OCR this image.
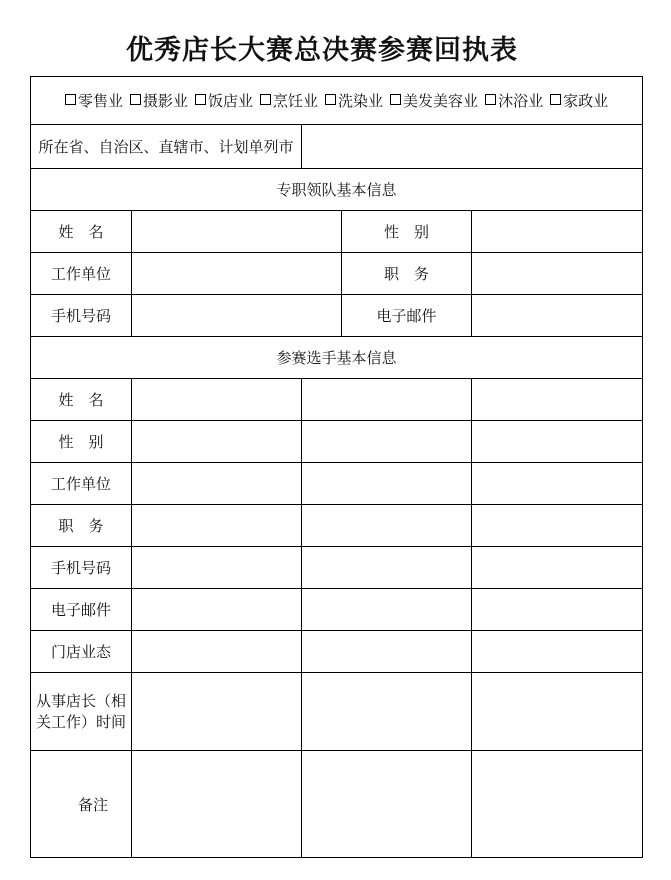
优秀店长大赛总决赛参赛回执表
零售业 摄影业 饭店业 烹饪业 洗染业 美发美容业 沐浴业 家政业				
所在省、自治区、直辖市、计划单列市				
专职领队基本信息				
姓　名			性　别	
工作单位			职　务	
手机号码			电子邮件	
参赛选手基本信息				
姓　名				
性　别				
工作单位				
职　务				
手机号码				
电子邮件				
门店业态				

从事店长（相关工作）时间				

备注				
